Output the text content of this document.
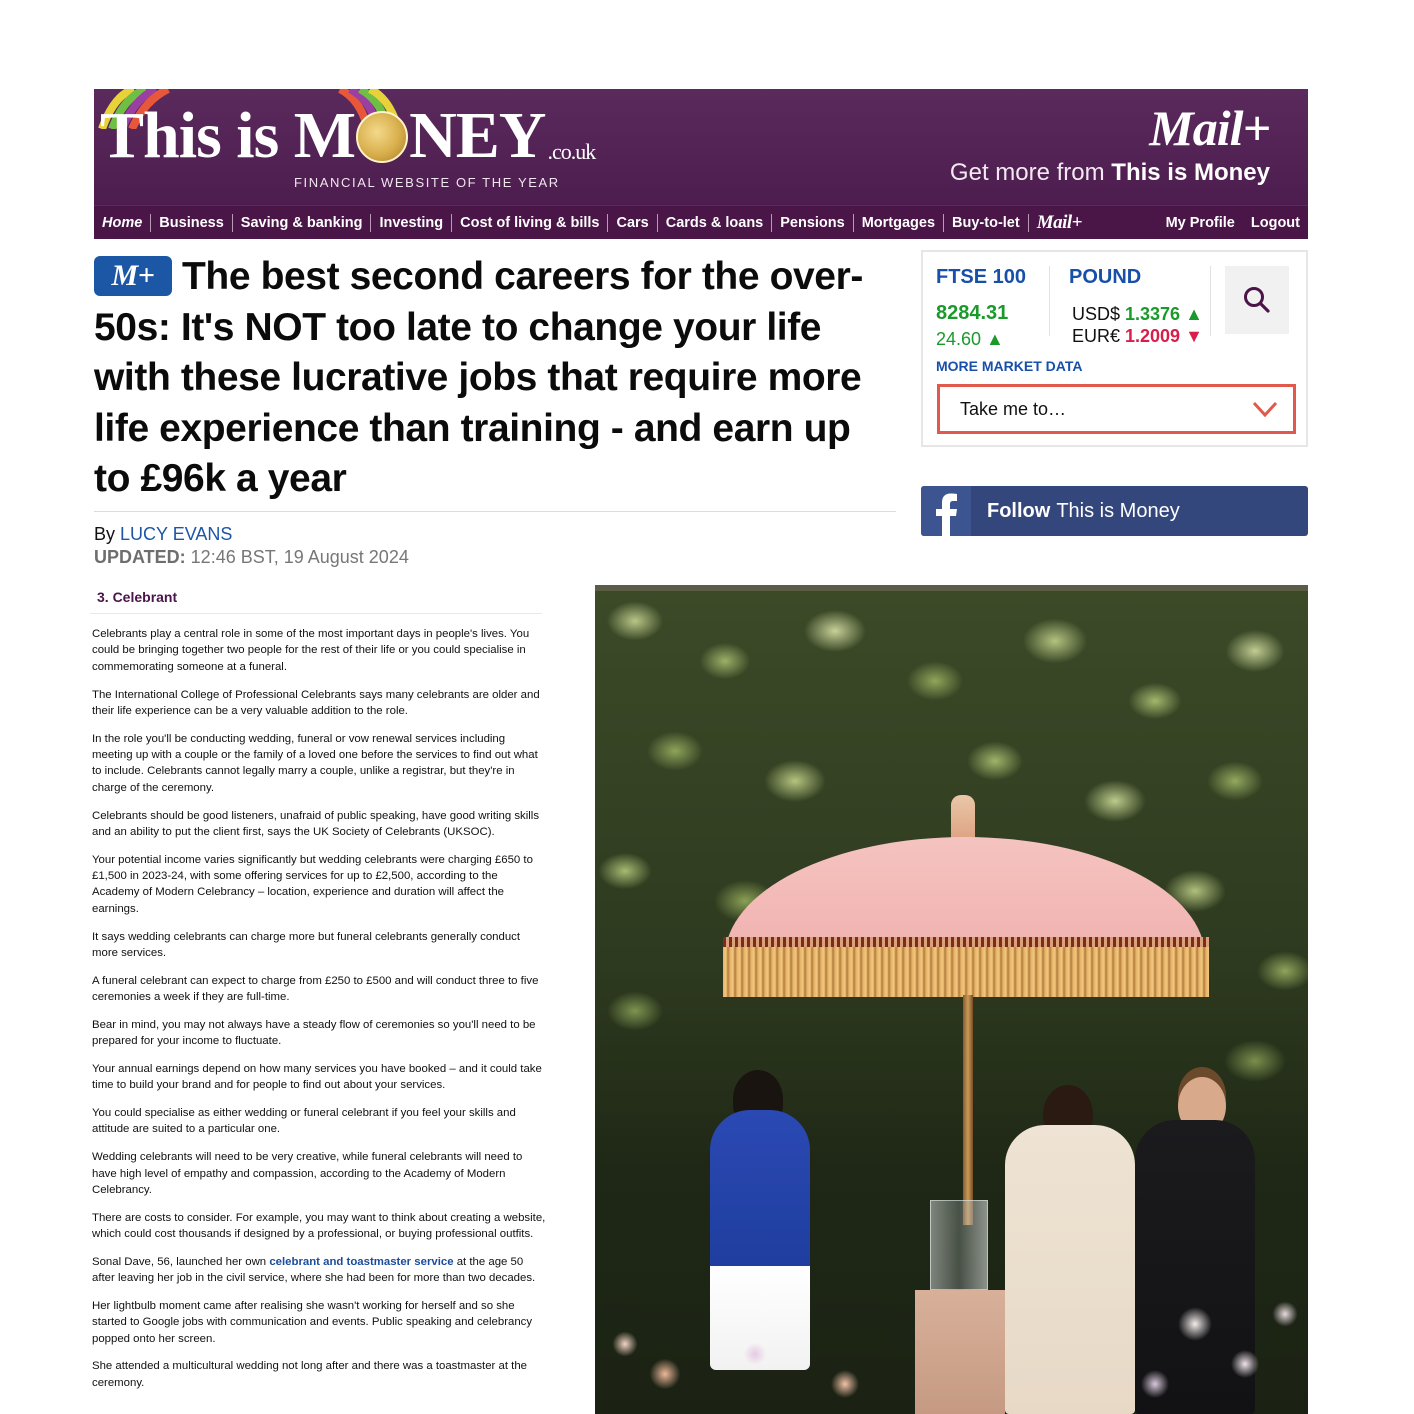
This is M NEY .co.uk
FINANCIAL WEBSITE OF THE YEAR
Mail+
Get more from This is Money
Home Business Saving & banking Investing Cost of living & bills Cars Cards & loans Pensions Mortgages Buy-to-let Mail+	My Profile Logout
M+ The best second careers for the over-50s: It's NOT too late to change your life with these lucrative jobs that require more life experience than training - and earn up to £96k a year
By LUCY EVANS
UPDATED: 12:46 BST, 19 August 2024
FTSE 100 POUND
8284.31
24.60 ▲
USD$ 1.3376 ▲
EUR€ 1.2009 ▼
MORE MARKET DATA
Take me to…
Follow This is Money
3. Celebrant

Celebrants play a central role in some of the most important days in people's lives. You could be bringing together two people for the rest of their life or you could specialise in commemorating someone at a funeral.

The International College of Professional Celebrants says many celebrants are older and their life experience can be a very valuable addition to the role.

In the role you'll be conducting wedding, funeral or vow renewal services including meeting up with a couple or the family of a loved one before the services to find out what to include. Celebrants cannot legally marry a couple, unlike a registrar, but they're in charge of the ceremony.

Celebrants should be good listeners, unafraid of public speaking, have good writing skills and an ability to put the client first, says the UK Society of Celebrants (UKSOC).

Your potential income varies significantly but wedding celebrants were charging £650 to £1,500 in 2023-24, with some offering services for up to £2,500, according to the Academy of Modern Celebrancy – location, experience and duration will affect the earnings.

It says wedding celebrants can charge more but funeral celebrants generally conduct more services.

A funeral celebrant can expect to charge from £250 to £500 and will conduct three to five ceremonies a week if they are full-time.

Bear in mind, you may not always have a steady flow of ceremonies so you'll need to be prepared for your income to fluctuate.

Your annual earnings depend on how many services you have booked – and it could take time to build your brand and for people to find out about your services.

You could specialise as either wedding or funeral celebrant if you feel your skills and attitude are suited to a particular one.

Wedding celebrants will need to be very creative, while funeral celebrants will need to have high level of empathy and compassion, according to the Academy of Modern Celebrancy.

There are costs to consider. For example, you may want to think about creating a website, which could cost thousands if designed by a professional, or buying professional outfits.

Sonal Dave, 56, launched her own celebrant and toastmaster service at the age 50 after leaving her job in the civil service, where she had been for more than two decades.

Her lightbulb moment came after realising she wasn't working for herself and so she started to Google jobs with communication and events. Public speaking and celebrancy popped onto her screen.

She attended a multicultural wedding not long after and there was a toastmaster at the ceremony.
